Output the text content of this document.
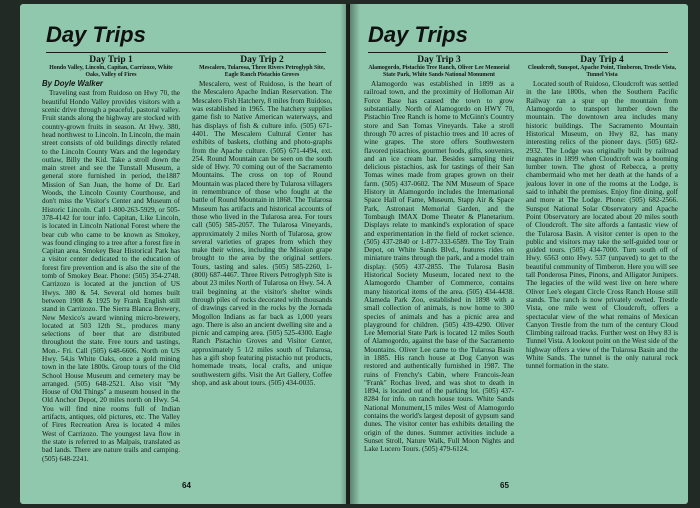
Day Trips
Day Trip 1
Hondo Valley, Lincoln, Capitan, Carrizozo, White Oaks, Valley of Fires
By Doyle Walker

Traveling east from Ruidoso on Hwy 70, the beautiful Hondo Valley provides visitors with a scenic drive through a peaceful, pastoral valley. Fruit stands along the highway are stocked with country-grown fruits in season. At Hwy. 380, head northwest to Lincoln. In Lincoln, the main street consists of old buildings directly related to the Lincoln County Wars and the legendary outlaw, Billy the Kid. Take a stroll down the main street and see the Tunstall Museum, a general store furnished in period, the1887 Mission of San Juan, the home of Dr. Earl Woods, the Lincoln County Courthouse, and don't miss the Visitor's Center and Museum of Historic Lincoln. Call 1-800-263-5929, or 505-378-4142 for tour info. Capitan, Like Lincoln, is located in Lincoln National Forest where the bear cub who came to be known as Smokey, was found clinging to a tree after a forest fire in Capitan area. Smokey Bear Historical Park has a visitor center dedicated to the education of forest fire prevention and is also the site of the tomb of Smokey Bear. Phone: (505) 354-2748. Carrizozo is located at the junction of US Hwys. 380 & 54. Several old homes built between 1908 & 1925 by Frank English still stand in Carrizozo. The Sierra Blanca Brewery, New Mexico's award winning micro-brewery, located at 503 12th St., produces many selections of beer that are distributed throughout the state. Free tours and tastings, Mon.- Fri. Call (505) 648-6606. North on US Hwy. 54,is White Oaks, once a gold mining town in the late 1800s. Group tours of the Old School House Museum and cemetery may be arranged. (505) 648-2521. Also visit "My House of Old Things" a museum housed in the Old Anchor Depot, 20 miles north on Hwy. 54. You will find nine rooms full of Indian artifacts, antiques, old pictures, etc. The Valley of Fires Recreation Area is located 4 miles West of Carrizozo. The youngest lava flow in the state is referred to as Malpais, translated as bad lands. There are nature trails and camping. (505) 648-2241.

Day Trip 2
Mescalero, Tularosa, Three Rivers Petroglyph Site, Eagle Ranch Pistachio Groves

Mescalero, west of Ruidoso, is the heart of the Mescalero Apache Indian Reservation. The Mescalero Fish Hatchery, 8 miles from Ruidoso, was established in 1965. The hatchery supplies game fish to Native American waterways, and has displays of fish & culture info. (505) 671-4401. The Mescalero Cultural Center has exhibits of baskets, clothing and photo-graphs from the Apache culture. (505) 671-4494, ext. 254. Round Mountain can be seen on the south side of Hwy. 70 coming out of the Sacramento Mountains. The cross on top of Round Mountain was placed there by Tularosa villagers in remembrance of those who fought at the battle of Round Mountain in 1868. The Tularosa Museum has artifacts and historical accounts of those who lived in the Tularosa area. For tours call (505) 585-2057. The Tularosa Vineyards, approximately 2 miles North of Tularosa, grow several varieties of grapes from which they make their wines, including the Mission grape brought to the area by the original settlers. Tours, tasting and sales. (505) 585-2260, 1-(800) 687-4467. Three Rivers Petroglyph Site is about 23 miles North of Tularosa on Hwy. 54. A trail beginning at the visitor's shelter winds through piles of rocks decorated with thousands of drawings carved in the rocks by the Jornada Mogollon Indians as far back as 1,000 years ago. There is also an ancient dwelling site and a picnic and camping area. (505) 525-4300. Eagle Ranch Pistachio Groves and Visitor Center, approximately 5 1/2 miles south of Tularosa, has a gift shop featuring pistachio nut products, homemade treats, local crafts, and unique southwestern gifts. Visit the Art Gallery, Coffee shop, and ask about tours. (505) 434-0035.

64
Day Trips
Day Trip 3
Alamogordo, Pistachio Tree Ranch, Oliver Lee Memorial State Park, White Sands National Monument

Alamogordo was established in 1899 as a railroad town, and the proximity of Holloman Air Force Base has caused the town to grow substantially. North of Alamogordo on HWY 70, Pistachio Tree Ranch is home to McGinn's Country store and San Tomas Vineyards. Take a stroll through 70 acres of pistachio trees and 10 acres of wine grapes. The store offers Southwestern flavored pistachios, gourmet foods, gifts, souvenirs, and an ice cream bar. Besides sampling their delicious pistachios, ask for tastings of their San Tomas wines made from grapes grown on their farm. (505) 437-0602. The NM Museum of Space History in Alamogordo includes the International Space Hall of Fame, Museum, Stapp Air & Space Park, Astronaut Memorial Garden, and the Tombaugh IMAX Dome Theater & Planetarium. Displays relate to mankind's exploration of space and experimentation in the field of rocket science. (505) 437-2840 or 1-877-333-6589. The Toy Train Depot, on White Sands Blvd., features rides on miniature trains through the park, and a model train display. (505) 437-2855. The Tularosa Basin Historical Society Museum, located next to the Alamogordo Chamber of Commerce, contains many historical items of the area. (505) 434-4438. Alameda Park Zoo, established in 1898 with a small collection of animals, is now home to 300 species of animals and has a picnic area and playground for children. (505) 439-4290. Oliver Lee Memorial State Park is located 12 miles South of Alamogordo, against the base of the Sacramento Mountains. Oliver Lee came to the Tularosa Basin in 1885. His ranch house at Dog Canyon was restored and authentically furnished in 1987. The ruins of Frenchy's Cabin, where Francois-Jean "Frank" Rochas lived, and was shot to death in 1894, is located out of the parking lot. (505) 437-8284 for info. on ranch house tours. White Sands National Monument,15 miles West of Alamogordo contains the world's largest deposit of gypsum sand dunes. The visitor center has exhibits detailing the origin of the dunes. Summer activities include a Sunset Stroll, Nature Walk, Full Moon Nights and Lake Lucero Tours. (505) 479-6124.

Day Trip 4
Cloudcroft, Sunspot, Apache Point, Timberon, Trestle Vista, Tunnel Vista

Located south of Ruidoso, Cloudcroft was settled in the late 1800s, when the Southern Pacific Railway ran a spur up the mountain from Alamogordo to transport lumber down the mountain. The downtown area includes many historic buildings. The Sacramento Mountain Historical Museum, on Hwy 82, has many interesting relics of the pioneer days. (505) 682-2932. The Lodge was originally built by railroad magnates in 1899 when Cloudcroft was a booming lumber town. The ghost of Rebecca, a pretty chambermaid who met her death at the hands of a jealous lover in one of the rooms at the Lodge, is said to inhabit the premises. Enjoy fine dining, golf and more at The Lodge. Phone: (505) 682-2566. Sunspot National Solar Observatory and Apache Point Observatory are located about 20 miles south of Cloudcroft. The site affords a fantastic view of the Tularosa Basin. A visitor center is open to the public and visitors may take the self-guided tour or guided tours. (505) 434-7000. Turn south off of Hwy. 6563 onto Hwy. 537 (unpaved) to get to the beautiful community of Timberon. Here you will see tall Ponderosa Pines, Pinons, and Alligator Junipers. The legacies of the wild west live on here where Oliver Lee's elegant Circle Cross Ranch House still stands. The ranch is now privately owned. Trestle Vista, one mile west of Cloudcroft, offers a spectacular view of the what remains of Mexican Canyon Trestle from the turn of the century Cloud Climbing railroad tracks. Further west on Hwy 83 is Tunnel Vista. A lookout point on the West side of the highway offers a view of the Tularosa Basin and the White Sands. The tunnel is the only natural rock tunnel formation in the state.

65
